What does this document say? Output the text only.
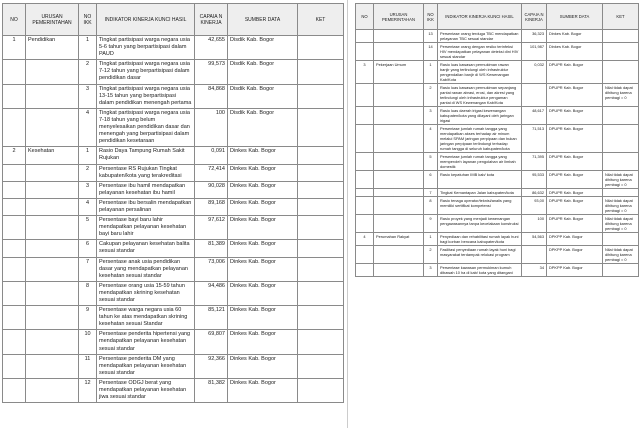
NO	URUSAN PEMERINTAHAN	NO IKK	INDIKATOR KINERJA KUNCI HASIL	CAPAIA N KINERJA	SUMBER DATA	KET
1	Pendidikan	1	Tingkat partisipasi warga negara usia 5-6 tahun yang berpartisipasi dalam PAUD	42,655	Disdik Kab. Bogor	
		2	Tingkat partisipasi warga negara usia 7-12 tahun yang berpartisipasi dalam pendidikan dasar	99,573	Disdik Kab. Bogor	
		3	Tingkat partisipasi warga negara usia 13-15 tahun yang berpartisipasi dalam pendidikan menengah pertama	84,868	Disdik Kab. Bogor	
		4	Tingkat partisipasi warga negara usia 7-18 tahun yang belum menyelesaikan pendidikan dasar dan menengah yang berpartisipasi dalam pendidikan kesetaraan	100	Disdik Kab. Bogor	
2	Kesehatan	1	Rasio Daya Tampung Rumah Sakit Rujukan	0,091	Dinkes Kab. Bogor	
		2	Persentase RS Rujukan Tingkat kabupaten/kota yang terakreditasi	72,414	Dinkes Kab. Bogor	
		3	Persentase ibu hamil mendapatkan pelayanan kesehatan ibu hamil	90,028	Dinkes Kab. Bogor	
		4	Persentase ibu bersalin mendapatkan pelayanan persalinan	89,168	Dinkes Kab. Bogor	
		5	Persentase bayi baru lahir mendapatkan pelayanan kesehatan bayi baru lahir	97,612	Dinkes Kab. Bogor	
		6	Cakupan pelayanan kesehatan balita sesuai standar	81,389	Dinkes Kab. Bogor	
		7	Persentase anak usia pendidikan dasar yang mendapatkan pelayanan kesehatan sesuai standar	73,006	Dinkes Kab. Bogor	
		8	Persentase orang usia 15-59 tahun mendapatkan skrining kesehatan sesuai standar	94,486	Dinkes Kab. Bogor	
		9	Persentase warga negara usia 60 tahun ke atas mendapatkan skrining kesehatan sesuai Standar	85,121	Dinkes Kab. Bogor	
		10	Persentase penderita hipertensi yang mendapatkan pelayanan kesehatan sesuai standar	69,807	Dinkes Kab. Bogor	
		11	Persentase penderita DM yang mendapatkan pelayanan kesehatan sesuai standar	92,366	Dinkes Kab. Bogor	
		12	Persentase ODGJ berat yang mendapatkan pelayanan kesehatan jiwa sesuai standar	81,382	Dinkes Kab. Bogor	
NO	URUSAN PEMERINTAHAN	NO IKK	INDIKATOR KINERJA KUNCI HASIL	CAPAIA N KINERJA	SUMBER DATA	KET
		13	Persentase orang terduga TBC mendapatkan pelayanan TBC sesuai standar	36,323	Dinkes Kab. Bogor	
		14	Persentase orang dengan resiko terinfeksi HIV mendapatkan pelayanan deteksi dini HIV sesuai standar	101,987	Dinkes Kab. Bogor	
3	Pekerjaan Umum	1	Rasio luas kawasan permukiman rawan banjir yang terlindungi oleh infrastruktur pengendalian banjir di WS Kewenangan Kab/Kota	0,032	DPUPR Kab. Bogor	
		2	Rasio luas kawasan permukiman sepanjang pantai rawan abrasi, erosi, dan akresi yang terlindungi oleh infrastruktur pengaman pantai di WS Kewenangan Kab/Kota		DPUPR Kab. Bogor	Nilai tidak dapat dihitung karena pembagi = 0
		3	Rasio luas daerah irigasi kewenangan kabupaten/kota yang dilayani oleh jaringan irigasi	48,617	DPUPR Kab. Bogor	
		4	Persentase jumlah rumah tangga yang mendapatkan akses terhadap air minum melalui SPAM jaringan perpipaan dan bukan jaringan perpipaan terlindungi terhadap rumah tangga di seluruh kabupaten/kota	71,513	DPUPR Kab. Bogor	
		5	Persentase jumlah rumah tangga yang memperoleh layanan pengolahan air limbah domestik	71,395	DPUPR Kab. Bogor	
		6	Rasio kepatuhan IMB kab/ kota	95,533	DPUPR Kab. Bogor	Nilai tidak dapat dihitung karena pembagi = 0
		7	Tingkat Kemantapan Jalan kabupaten/kota	86,632	DPUPR Kab. Bogor	
		8	Rasio tenaga operator/teknisi/analis yang memiliki sertifikat kompetensi	93,00	DPUPR Kab. Bogor	Nilai tidak dapat dihitung karena pembagi = 0
		9	Rasio proyek yang menjadi kewenangan pengawasannya tanpa kecelakaan konstruksi	100	DPUPR Kab. Bogor	Nilai tidak dapat dihitung karena pembagi = 0
4	Perumahan Rakyat	1	Penyediaan dan rehabilitasi rumah layak huni bagi korban bencana kabupaten/kota	54,563	DPKPP Kab. Bogor	
		2	Fasilitasi penyediaan rumah layak huni bagi masyarakat terdampak relokasi program		DPKPP Kab. Bogor	Nilai tidak dapat dihitung karena pembagi = 0
		3	Persentase kawasan permukiman kumuh dibawah 10 ha di kab/ kota yang ditangani	34	DPKPP Kab. Bogor	
